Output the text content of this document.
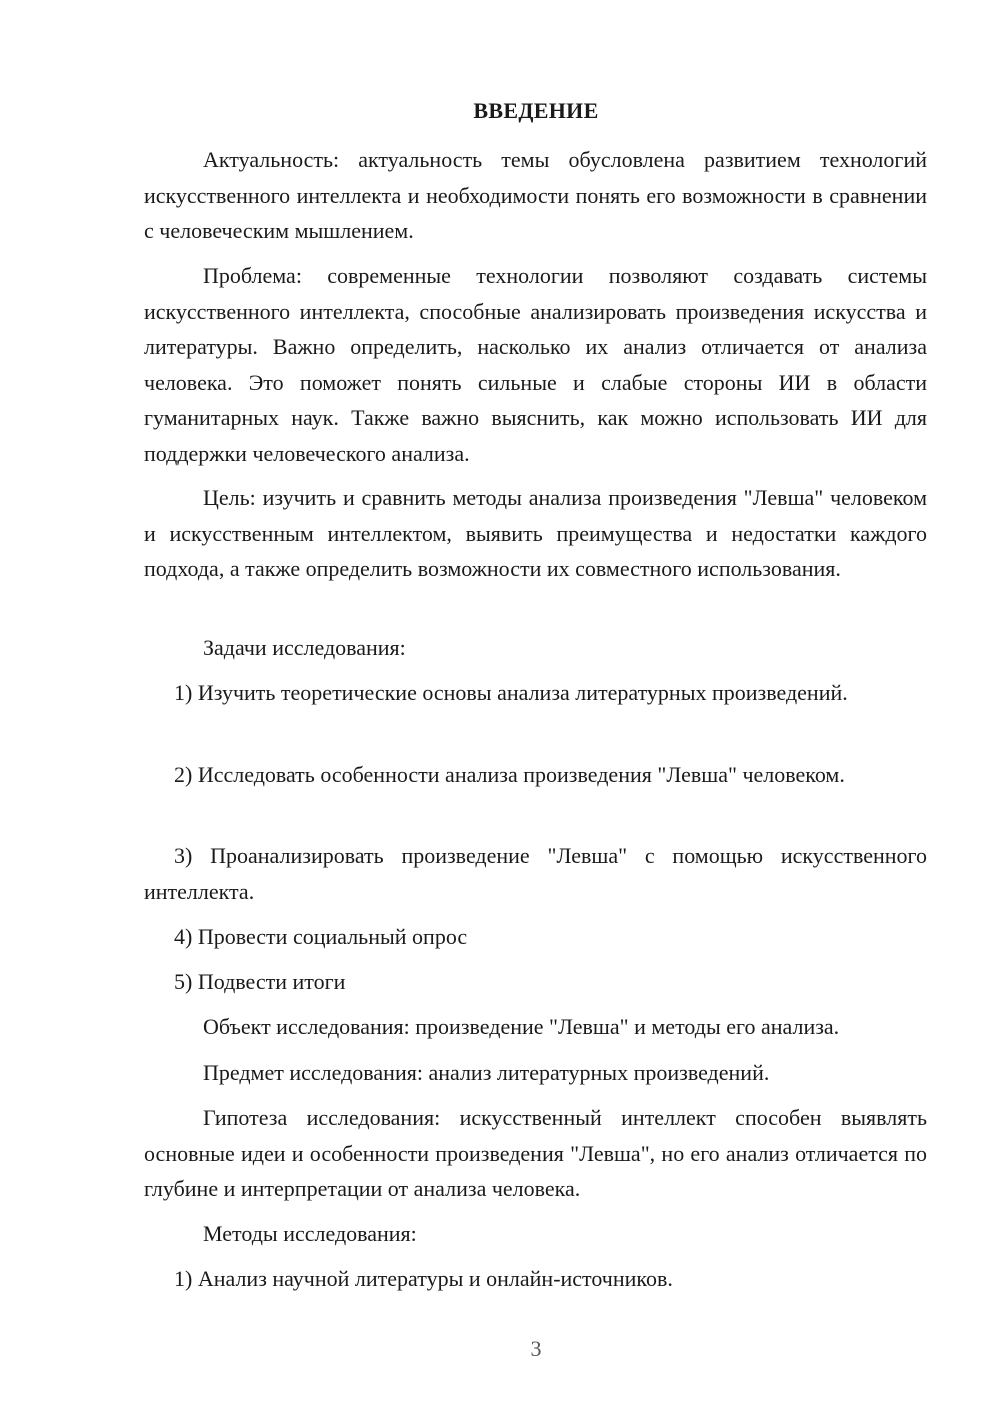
ВВЕДЕНИЕ
Актуальность: актуальность темы обусловлена развитием технологий искусственного интеллекта и необходимости понять его возможности в сравнении с человеческим мышлением.
Проблема: современные технологии позволяют создавать системы искусственного интеллекта, способные анализировать произведения искусства и литературы. Важно определить, насколько их анализ отличается от анализа человека. Это поможет понять сильные и слабые стороны ИИ в области гуманитарных наук. Также важно выяснить, как можно использовать ИИ для поддержки человеческого анализа.
Цель: изучить и сравнить методы анализа произведения "Левша" человеком и искусственным интеллектом, выявить преимущества и недостатки каждого подхода, а также определить возможности их совместного использования.
Задачи исследования:
1) Изучить теоретические основы анализа литературных произведений.
2) Исследовать особенности анализа произведения "Левша" человеком.
3) Проанализировать произведение "Левша" с помощью искусственного интеллекта.
4) Провести социальный опрос
5) Подвести итоги
Объект исследования: произведение "Левша" и методы его анализа.
Предмет исследования: анализ литературных произведений.
Гипотеза исследования: искусственный интеллект способен выявлять основные идеи и особенности произведения "Левша", но его анализ отличается по глубине и интерпретации от анализа человека.
Методы исследования:
1) Анализ научной литературы и онлайн-источников.
3
